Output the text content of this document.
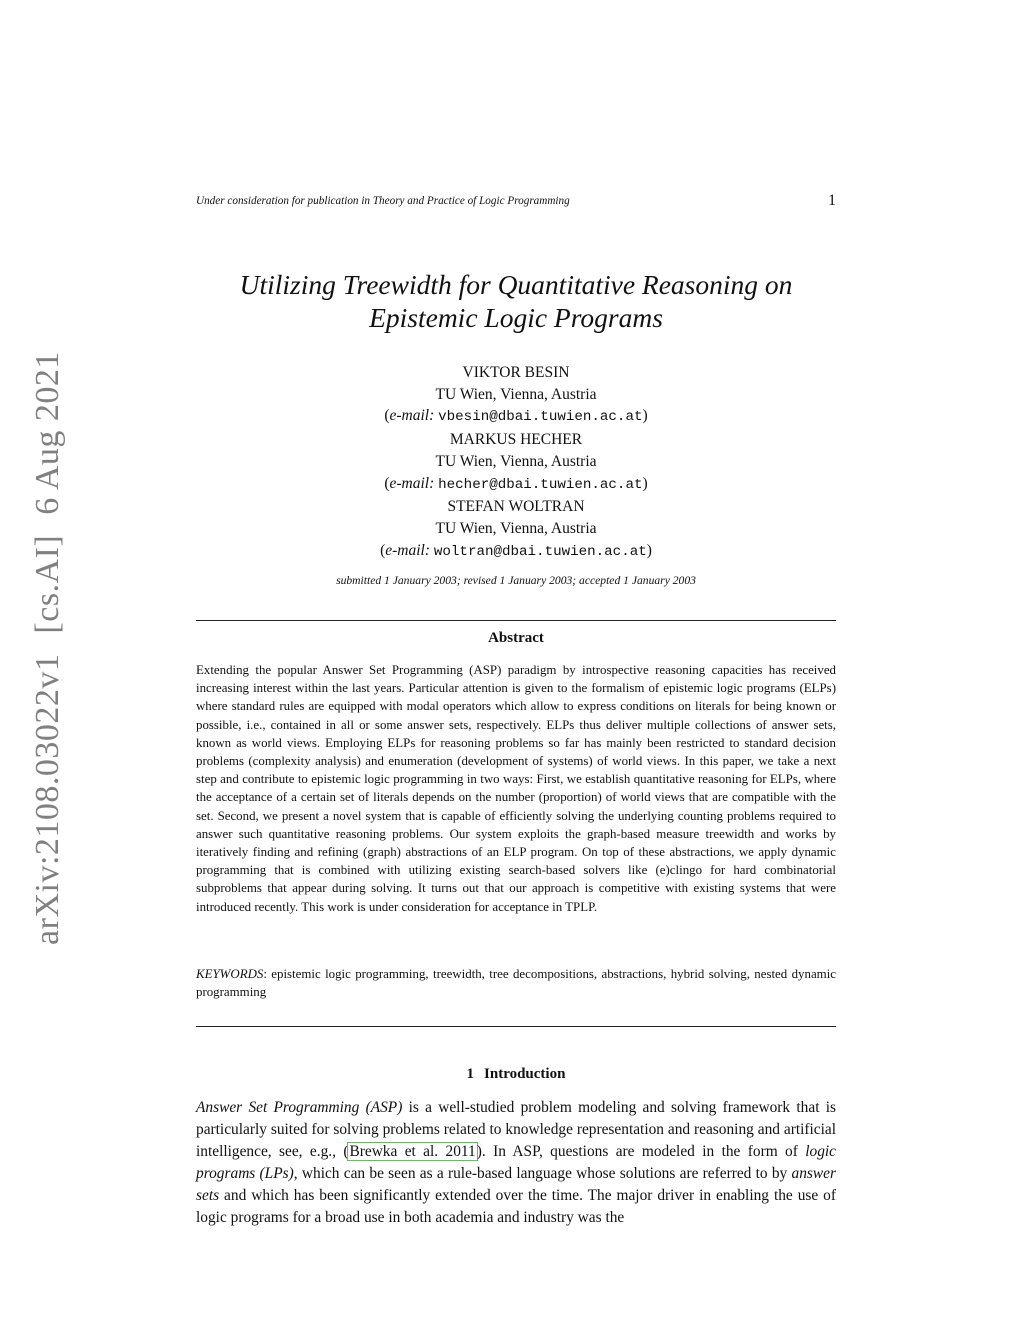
arXiv:2108.03022v1[cs.AI]6 Aug 2021
Under consideration for publication in Theory and Practice of Logic Programming	1
Utilizing Treewidth for Quantitative Reasoning on
Epistemic Logic Programs
VIKTOR BESIN
TU Wien, Vienna, Austria
(e-mail: vbesin@dbai.tuwien.ac.at)
MARKUS HECHER
TU Wien, Vienna, Austria
(e-mail: hecher@dbai.tuwien.ac.at)
STEFAN WOLTRAN
TU Wien, Vienna, Austria
(e-mail: woltran@dbai.tuwien.ac.at)
submitted 1 January 2003; revised 1 January 2003; accepted 1 January 2003
Abstract
Extending the popular Answer Set Programming (ASP) paradigm by introspective reasoning capacities has received increasing interest within the last years. Particular attention is given to the formalism of epistemic logic programs (ELPs) where standard rules are equipped with modal operators which allow to express conditions on literals for being known or possible, i.e., contained in all or some answer sets, respectively. ELPs thus deliver multiple collections of answer sets, known as world views. Employing ELPs for reasoning problems so far has mainly been restricted to standard decision problems (complexity analysis) and enumeration (development of systems) of world views. In this paper, we take a next step and contribute to epistemic logic programming in two ways: First, we establish quantitative reasoning for ELPs, where the acceptance of a certain set of literals depends on the number (proportion) of world views that are compatible with the set. Second, we present a novel system that is capable of efficiently solving the underlying counting problems required to answer such quantitative reasoning problems. Our system exploits the graph-based measure treewidth and works by iteratively finding and refining (graph) abstractions of an ELP program. On top of these abstractions, we apply dynamic programming that is combined with utilizing existing search-based solvers like (e)clingo for hard combinatorial subproblems that appear during solving. It turns out that our approach is competitive with existing systems that were introduced recently. This work is under consideration for acceptance in TPLP.
KEYWORDS: epistemic logic programming, treewidth, tree decompositions, abstractions, hybrid solving, nested dynamic programming
1 Introduction
Answer Set Programming (ASP) is a well-studied problem modeling and solving framework that is particularly suited for solving problems related to knowledge representation and reasoning and artificial intelligence, see, e.g., (Brewka et al. 2011). In ASP, questions are modeled in the form of logic programs (LPs), which can be seen as a rule-based language whose solutions are referred to by answer sets and which has been significantly extended over the time. The major driver in enabling the use of logic programs for a broad use in both academia and industry was the
